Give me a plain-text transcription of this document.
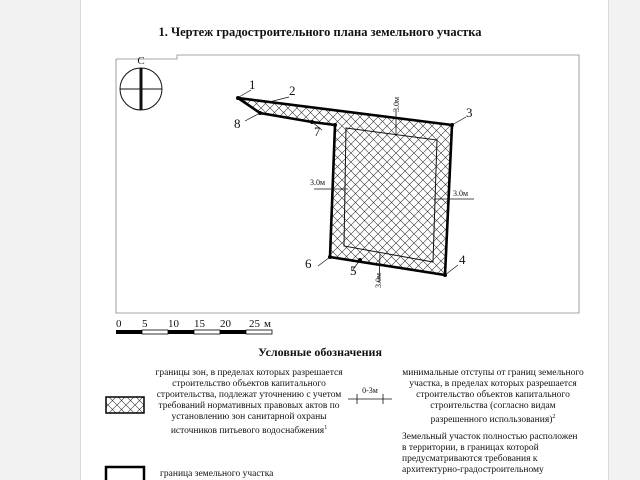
1. Чертеж градостроительного плана земельного участка
С
3.0м
3.0м
3.0м
3.0м
1	2
3
4
5
6
7
8
0 5 10 15 20 25 м
0-3м
Условные обозначения
границы зон, в пределах которых разрешается строительство объектов капитального строительства, подлежат уточнению с учетом требований нормативных правовых актов по установлению зон санитарной охраны источников питьевого водоснабжения$^1$
минимальные отступы от границ земельного участка, в пределах которых разрешается строительство объектов капитального строительства (согласно видам разрешенного использования)$^2$
Земельный участок полностью расположен в территории, в границах которой предусматриваются требования к архитектурно-градостроительному
граница земельного участка
